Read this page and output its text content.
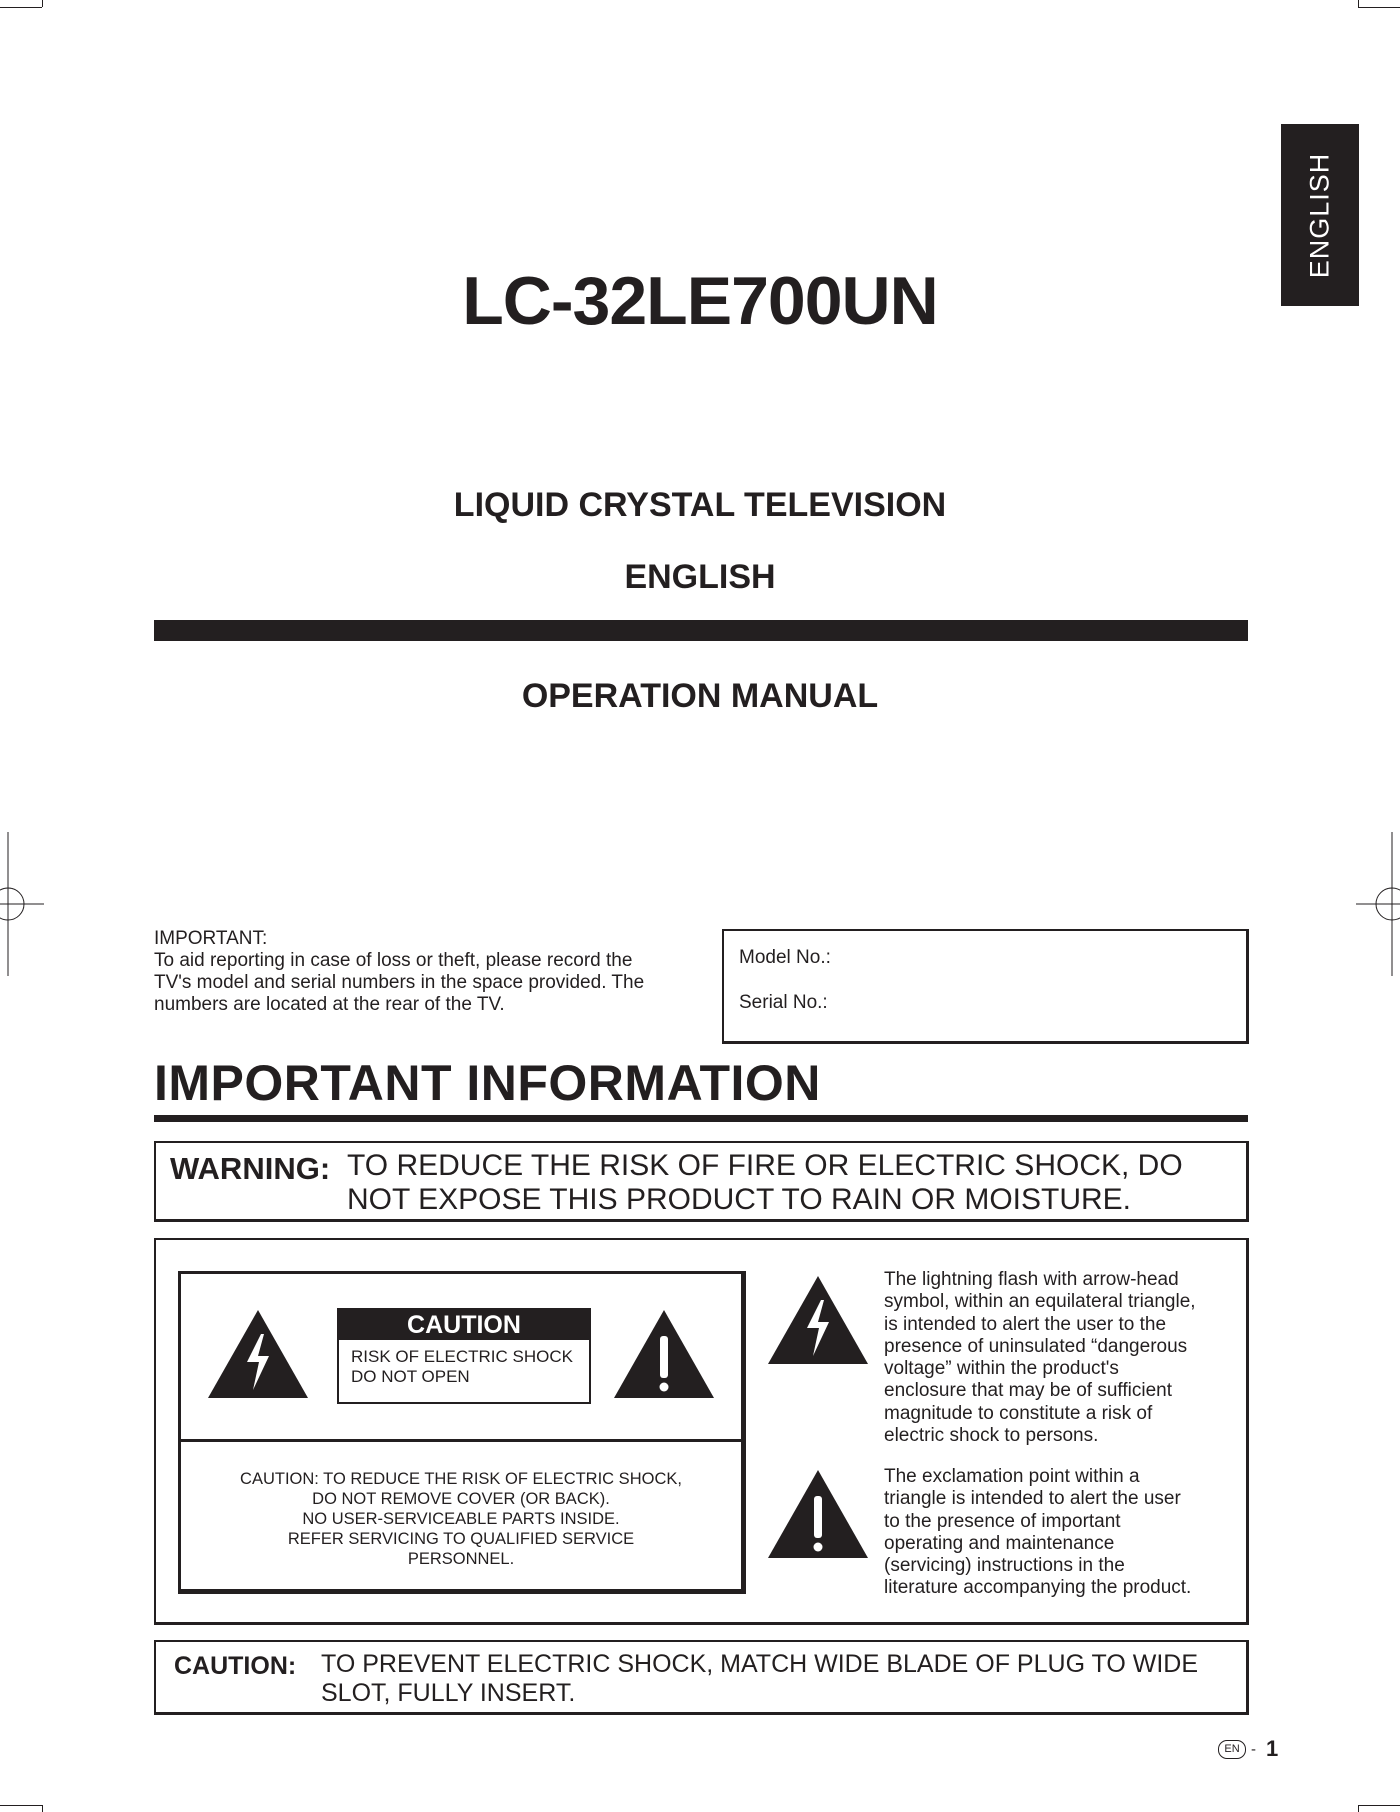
ENGLISH
LC-32LE700UN
LIQUID CRYSTAL TELEVISION
ENGLISH
OPERATION MANUAL
IMPORTANT:
To aid reporting in case of loss or theft, please record the
TV's model and serial numbers in the space provided. The
numbers are located at the rear of the TV.
Model No.:
Serial No.:
IMPORTANT INFORMATION
WARNING: TO REDUCE THE RISK OF FIRE OR ELECTRIC SHOCK, DO
NOT EXPOSE THIS PRODUCT TO RAIN OR MOISTURE.
CAUTION
RISK OF ELECTRIC SHOCK
DO NOT OPEN
CAUTION: TO REDUCE THE RISK OF ELECTRIC SHOCK,
DO NOT REMOVE COVER (OR BACK).
NO USER-SERVICEABLE PARTS INSIDE.
REFER SERVICING TO QUALIFIED SERVICE
PERSONNEL.
The lightning flash with arrow-head
symbol, within an equilateral triangle,
is intended to alert the user to the
presence of uninsulated “dangerous
voltage” within the product's
enclosure that may be of sufficient
magnitude to constitute a risk of
electric shock to persons.
The exclamation point within a
triangle is intended to alert the user
to the presence of important
operating and maintenance
(servicing) instructions in the
literature accompanying the product.
CAUTION: TO PREVENT ELECTRIC SHOCK, MATCH WIDE BLADE OF PLUG TO WIDE
SLOT, FULLY INSERT.
EN - 1
